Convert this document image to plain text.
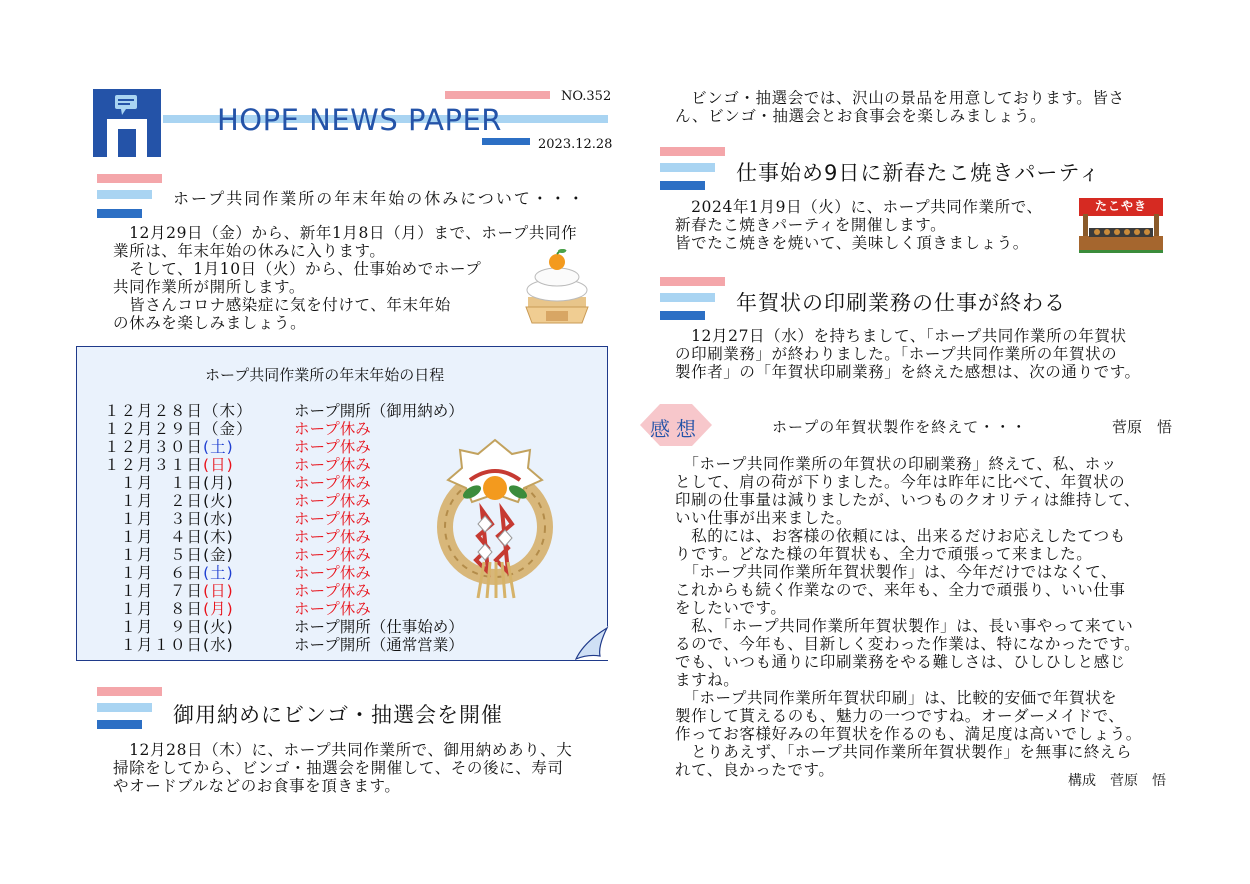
HOPE NEWS PAPER
NO.352
2023.12.28
ホープ共同作業所の年末年始の休みについて・・・
　12月29日（金）から、新年1月8日（月）まで、ホープ共同作
業所は、年末年始の休みに入ります。
　そして、1月10日（火）から、仕事始めでホープ
共同作業所が開所します。
　皆さんコロナ感染症に気を付けて、年末年始
の休みを楽しみましょう。
ホープ共同作業所の年末年始の日程
１２月２８日（木）	ホープ開所（御用納め）
１２月２９日（金）	ホープ休み
１２月３０日(土)	ホープ休み
１２月３１日(日)	ホープ休み
　１月　 １日(月)	ホープ休み
　１月　 ２日(火)	ホープ休み
　１月　 ３日(水)	ホープ休み
　１月　 ４日(木)	ホープ休み
　１月　 ５日(金)	ホープ休み
　１月　 ６日(土)	ホープ休み
　１月　 ７日(日)	ホープ休み
　１月　 ８日(月)	ホープ休み
　１月　 ９日(火)	ホープ開所（仕事始め）
　１月１０日(水)	ホープ開所（通常営業）
御用納めにビンゴ・抽選会を開催
　12月28日（木）に、ホープ共同作業所で、御用納めあり、大
掃除をしてから、ビンゴ・抽選会を開催して、その後に、寿司
やオードブルなどのお食事を頂きます。
　ビンゴ・抽選会では、沢山の景品を用意しております。皆さ
ん、ビンゴ・抽選会とお食事会を楽しみましょう。
仕事始め9日に新春たこ焼きパーティ
　2024年1月9日（火）に、ホープ共同作業所で、
新春たこ焼きパーティを開催します。
皆でたこ焼きを焼いて、美味しく頂きましょう。
たこやき
年賀状の印刷業務の仕事が終わる
　12月27日（水）を持ちまして、「ホープ共同作業所の年賀状
の印刷業務」が終わりました。「ホープ共同作業所の年賀状の
製作者」の「年賀状印刷業務」を終えた感想は、次の通りです。
感想	ホープの年賀状製作を終えて・・・	菅原　悟
　「ホープ共同作業所の年賀状の印刷業務」終えて、私、ホッ
として、肩の荷が下りました。今年は昨年に比べて、年賀状の
印刷の仕事量は減りましたが、いつものクオリティは維持して、
いい仕事が出来ました。
　私的には、お客様の依頼には、出来るだけお応えしたてつも
りです。どなた様の年賀状も、全力で頑張って来ました。
　「ホープ共同作業所年賀状製作」は、今年だけではなくて、
これからも続く作業なので、来年も、全力で頑張り、いい仕事
をしたいです。
　私、「ホープ共同作業所年賀状製作」は、長い事やって来てい
るので、今年も、目新しく変わった作業は、特になかったです。
でも、いつも通りに印刷業務をやる難しさは、ひしひしと感じ
ますね。
　「ホープ共同作業所年賀状印刷」は、比較的安価で年賀状を
製作して貰えるのも、魅力の一つですね。オーダーメイドで、
作ってお客様好みの年賀状を作るのも、満足度は高いでしょう。
　とりあえず、「ホープ共同作業所年賀状製作」を無事に終えら
れて、良かったです。
構成　菅原　悟
